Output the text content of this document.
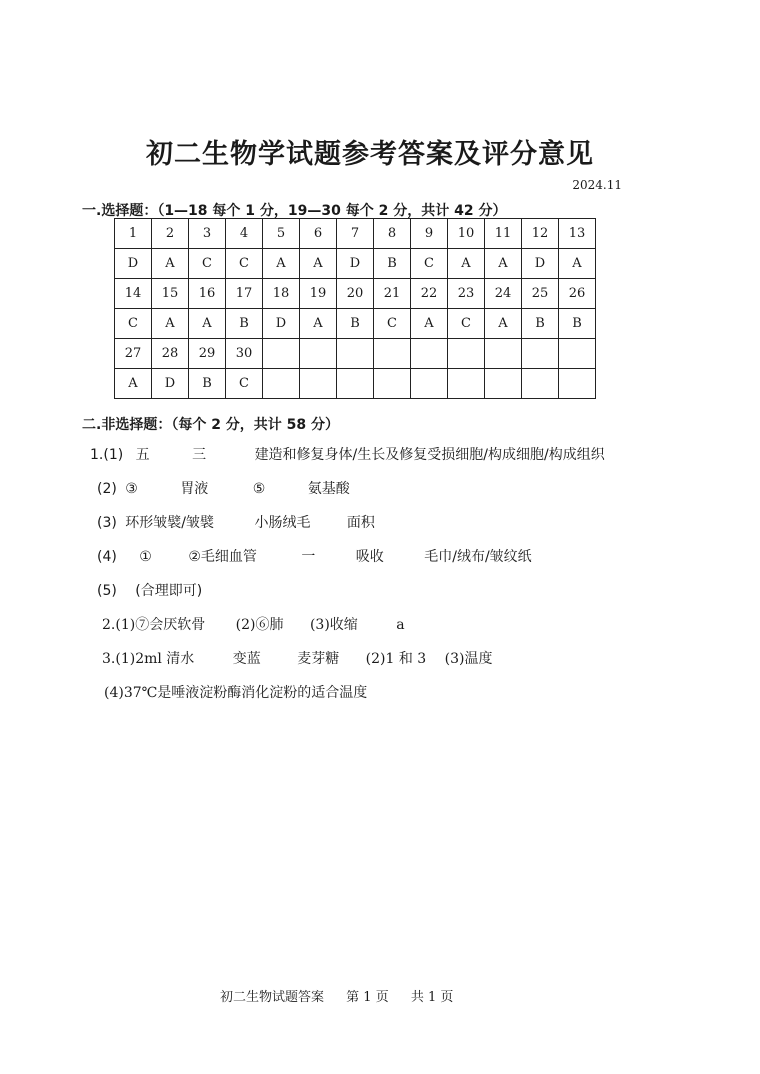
初二生物学试题参考答案及评分意见
2024.11
一.选择题：（1—18 每个 1 分，19—30 每个 2 分，共计 42 分）
1	2	3	4	5	6	7	8	9	10	11	12	13
D	A	C	C	A	A	D	B	C	A	A	D	A
14	15	16	17	18	19	20	21	22	23	24	25	26
C	A	A	B	D	A	B	C	A	C	A	B	B
27	28	29	30									
A	D	B	C									
二.非选择题：（每个 2 分，共计 58 分）
1.(1) 五	三	建造和修复身体/生长及修复受损细胞/构成细胞/构成组织
(2) ③	胃液	⑤	氨基酸
(3) 环形皱襞/皱襞	小肠绒毛	面积
(4) ①	②毛细血管	一	吸收	毛巾/绒布/皱纹纸
(5) (合理即可)
2.(1)⑦会厌软骨 (2)⑥肺 (3)收缩	a
3.(1)2ml 清水	变蓝	麦芽糖 (2)1 和 3 (3)温度
(4)37℃是唾液淀粉酶消化淀粉的适合温度
初二生物试题答案 第 1 页 共 1 页
